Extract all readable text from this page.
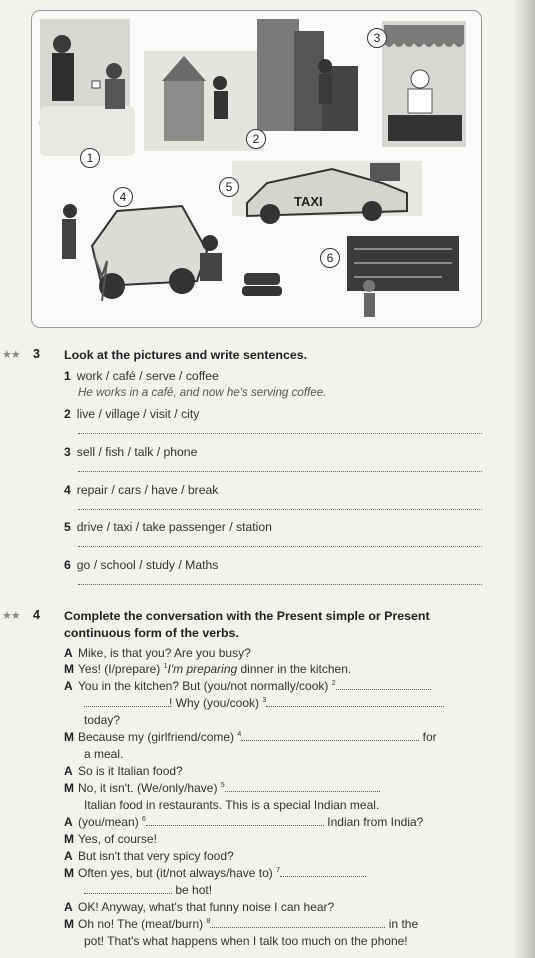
TAXI
1
2
3
4
5
6
★★ 3 Look at the pictures and write sentences.
1 work / café / serve / coffee
He works in a café, and now he's serving coffee.
2 live / village / visit / city
3 sell / fish / talk / phone
4 repair / cars / have / break
5 drive / taxi / take passenger / station
6 go / school / study / Maths
★★ 4 Complete the conversation with the Present simple or Present
continuous form of the verbs.
A Mike, is that you? Are you busy?
M Yes! (I/prepare) $^1$I'm preparing dinner in the kitchen.
A You in the kitchen? But (you/not normally/cook) $^2$
! Why (you/cook) $^3$
today?
M Because my (girlfriend/come) $^4$	for
a meal.
A So is it Italian food?
M No, it isn't. (We/only/have) $^5$
Italian food in restaurants. This is a special Indian meal.
A (you/mean) $^6$	Indian from India?
M Yes, of course!
A But isn't that very spicy food?
M Often yes, but (it/not always/have to) $^7$
be hot!
A OK! Anyway, what's that funny noise I can hear?
M Oh no! The (meat/burn) $^8$	in the
pot! That's what happens when I talk too much on the phone!
